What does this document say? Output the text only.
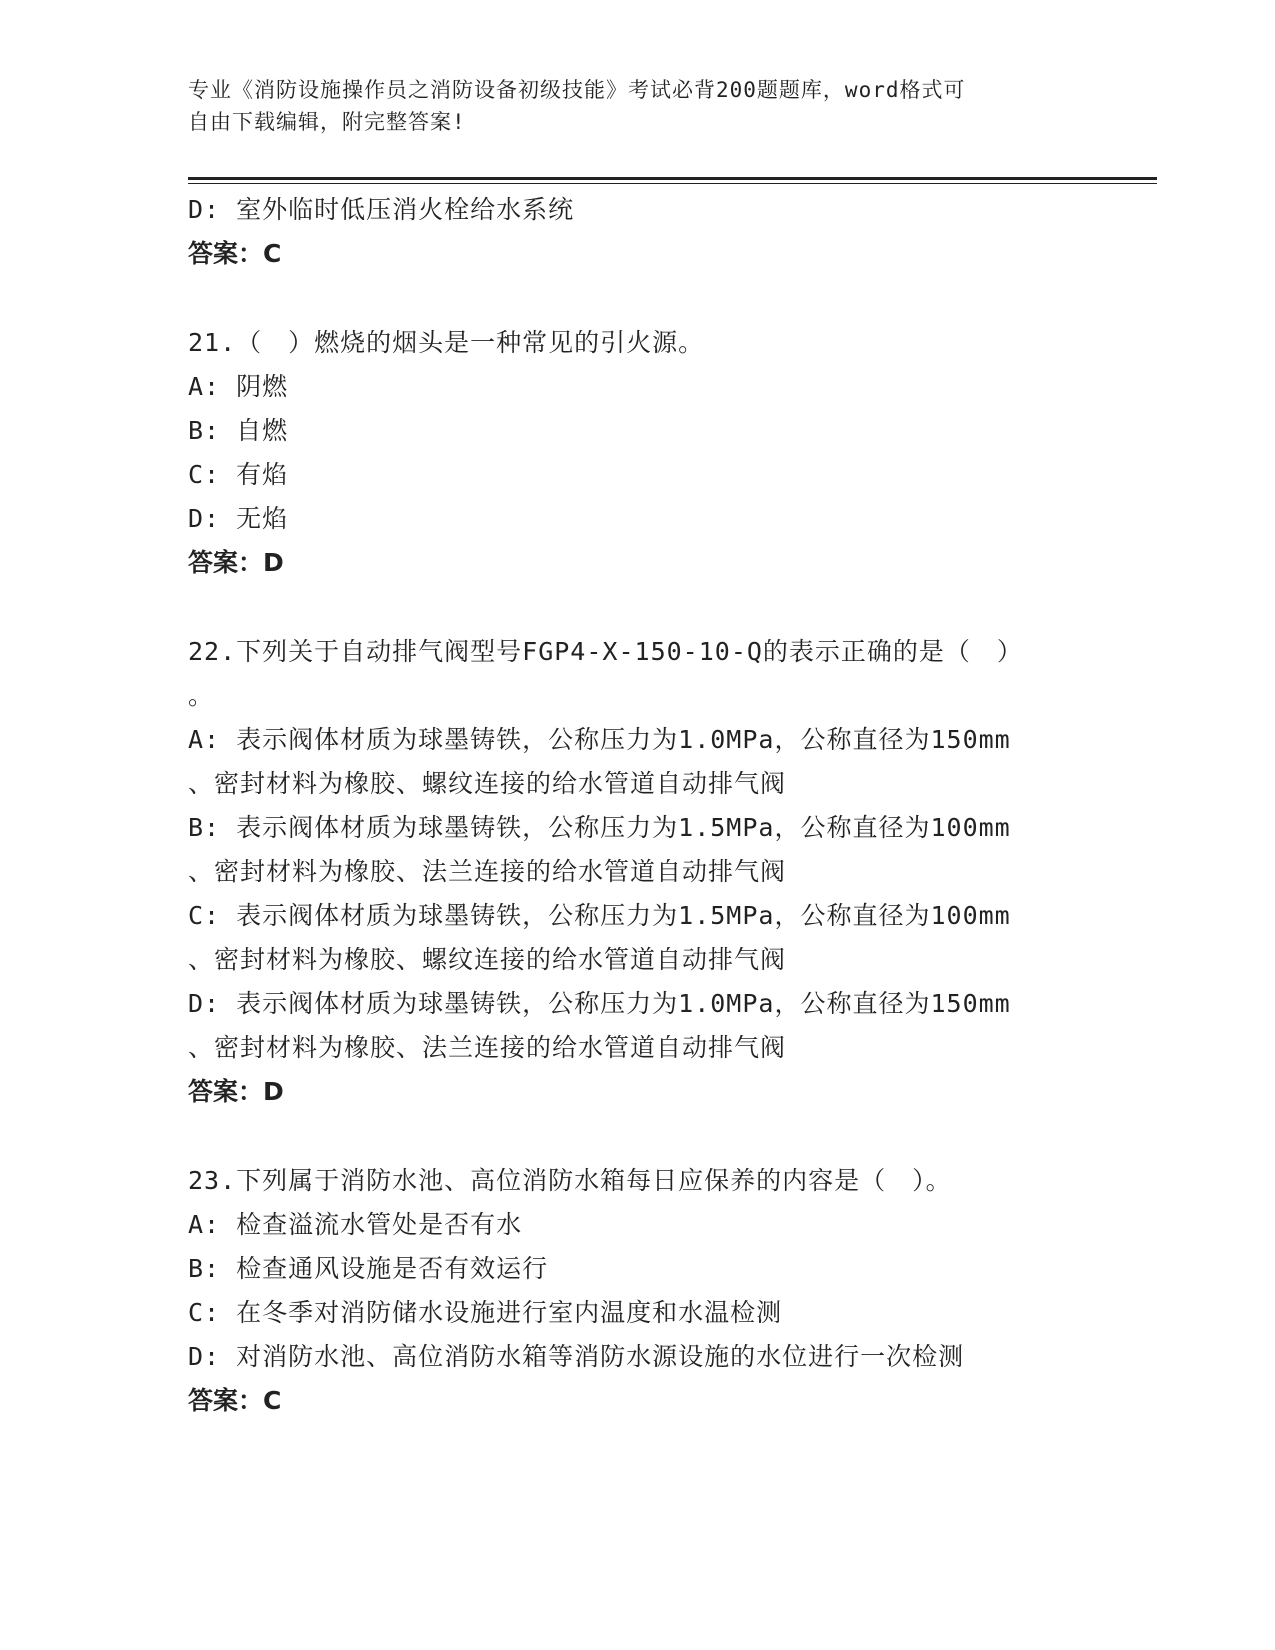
专业《消防设施操作员之消防设备初级技能》考试必背200题题库，word格式可
自由下载编辑，附完整答案!
D: 室外临时低压消火栓给水系统
答案：C
21.（　）燃烧的烟头是一种常见的引火源。
A: 阴燃
B: 自燃
C: 有焰
D: 无焰
答案：D
22.下列关于自动排气阀型号FGP4-X-150-10-Q的表示正确的是（　）
。
A: 表示阀体材质为球墨铸铁，公称压力为1.0MPa，公称直径为150mm
、密封材料为橡胶、螺纹连接的给水管道自动排气阀
B: 表示阀体材质为球墨铸铁，公称压力为1.5MPa，公称直径为100mm
、密封材料为橡胶、法兰连接的给水管道自动排气阀
C: 表示阀体材质为球墨铸铁，公称压力为1.5MPa，公称直径为100mm
、密封材料为橡胶、螺纹连接的给水管道自动排气阀
D: 表示阀体材质为球墨铸铁，公称压力为1.0MPa，公称直径为150mm
、密封材料为橡胶、法兰连接的给水管道自动排气阀
答案：D
23.下列属于消防水池、高位消防水箱每日应保养的内容是（　）。
A: 检查溢流水管处是否有水
B: 检查通风设施是否有效运行
C: 在冬季对消防储水设施进行室内温度和水温检测
D: 对消防水池、高位消防水箱等消防水源设施的水位进行一次检测
答案：C
